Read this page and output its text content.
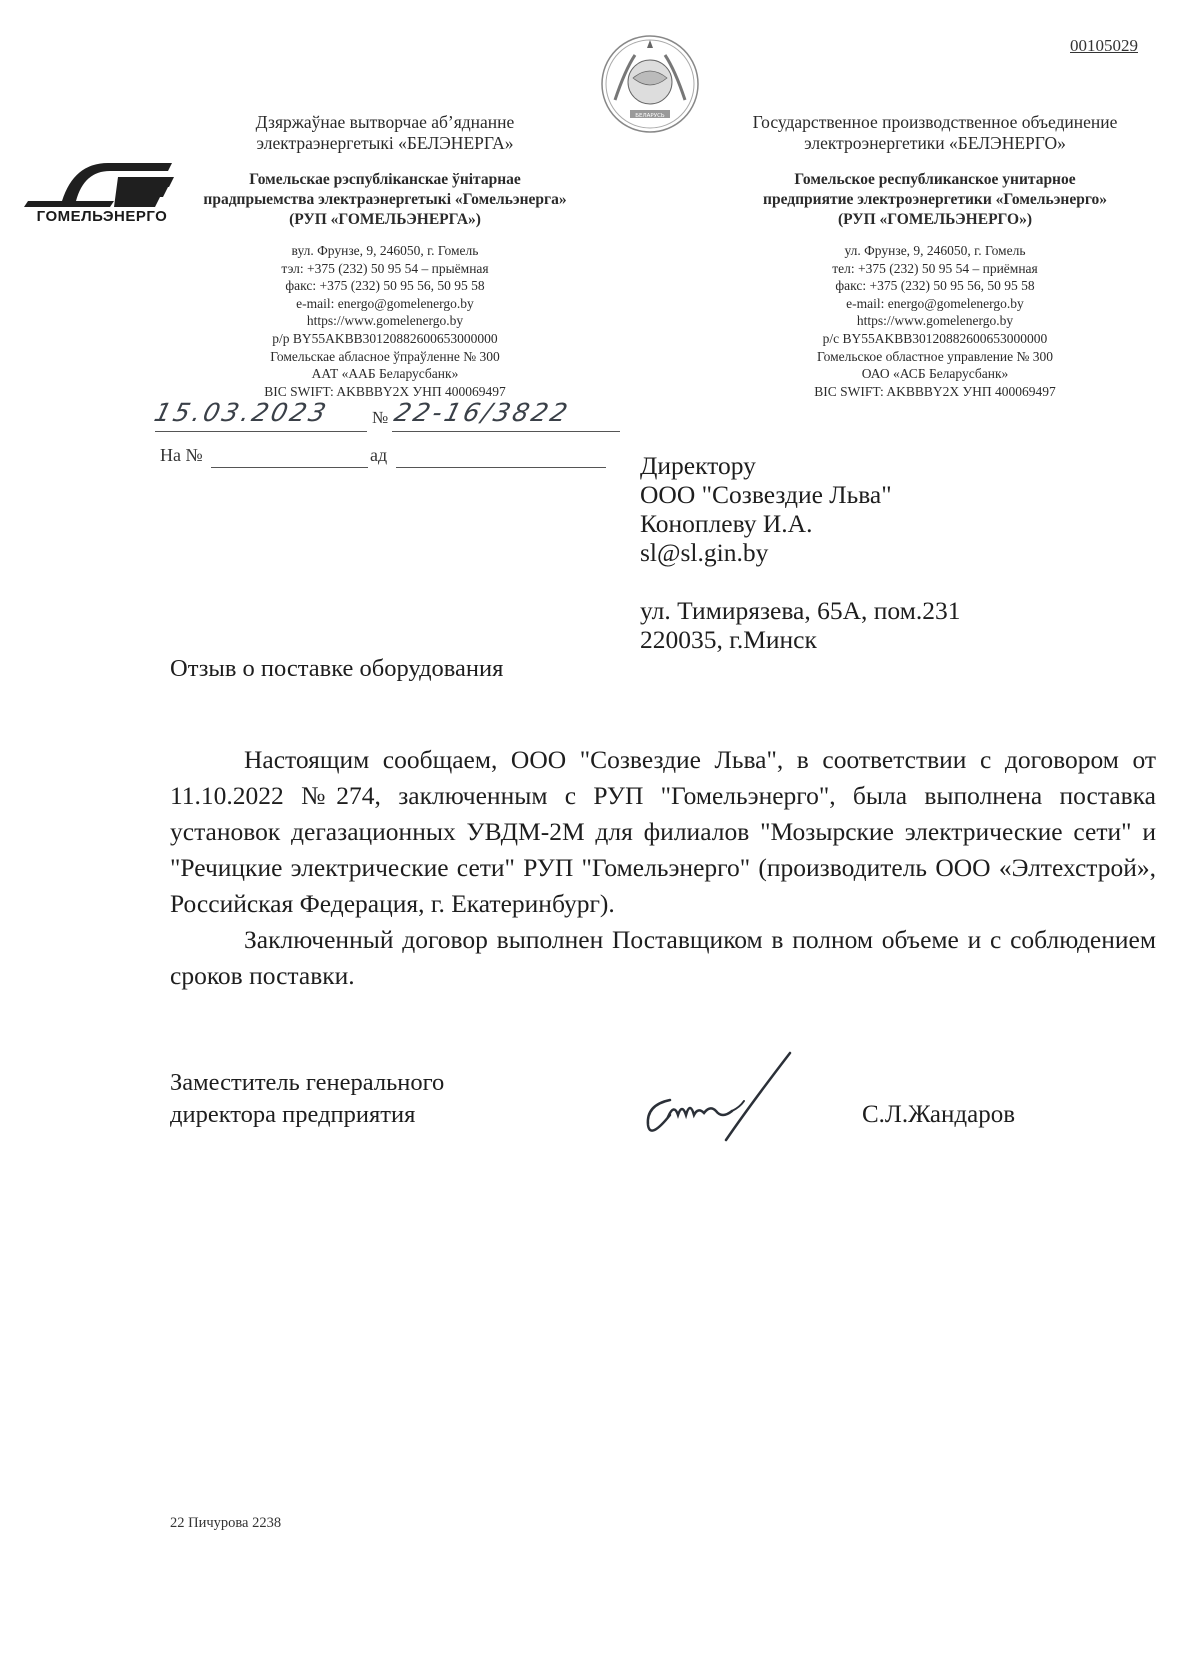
00105029
БЕЛАРУСЬ
Дзяржаўнае вытворчае аб’яднанне
электраэнергетыкі «БЕЛЭНЕРГА»
Гомельскае рэспубліканскае ўнітарнае
прадпрыемства электраэнергетыкі «Гомельэнерга»
(РУП «ГОМЕЛЬЭНЕРГА»)
вул. Фрунзе, 9, 246050, г. Гомель
тэл: +375 (232) 50 95 54 – прыёмная
факс: +375 (232) 50 95 56, 50 95 58
e-mail: energo@gomelenergo.by
https://www.gomelenergo.by
р/р BY55AKBB30120882600653000000
Гомельскае абласное ўпраўленне № 300
ААТ «ААБ Беларусбанк»
BIC SWIFT: AKBBBY2X УНП 400069497
Государственное производственное объединение
электроэнергетики «БЕЛЭНЕРГО»
Гомельское республиканское унитарное
предприятие электроэнергетики «Гомельэнерго»
(РУП «ГОМЕЛЬЭНЕРГО»)
ул. Фрунзе, 9, 246050, г. Гомель
тел: +375 (232) 50 95 54 – приёмная
факс: +375 (232) 50 95 56, 50 95 58
e-mail: energo@gomelenergo.by
https://www.gomelenergo.by
р/с BY55AKBB30120882600653000000
Гомельское областное управление № 300
ОАО «АСБ Беларусбанк»
BIC SWIFT: AKBBBY2X УНП 400069497
ГОМЕЛЬЭНЕРГО
15.03.2023	№ 22-16/3822
На №	ад	Директору
ООО "Созвездие Льва"
Коноплеву И.А.
sl@sl.gin.by
ул. Тимирязева, 65А, пом.231
220035, г.Минск
Отзыв о поставке оборудования

Настоящим сообщаем, ООО "Созвездие Льва", в соответствии с договором от 11.10.2022 №274, заключенным с РУП "Гомельэнерго", была выполнена поставка установок дегазационных УВДМ-2М для филиалов "Мозырские электрические сети" и "Речицкие электрические сети" РУП "Гомельэнерго" (производитель ООО «Элтехстрой», Российская Федерация, г. Екатеринбург).

Заключенный договор выполнен Поставщиком в полном объеме и с соблюдением сроков поставки.

Заместитель генерального
директора предприятия	С.Л.Жандаров
22 Пичурова 2238
